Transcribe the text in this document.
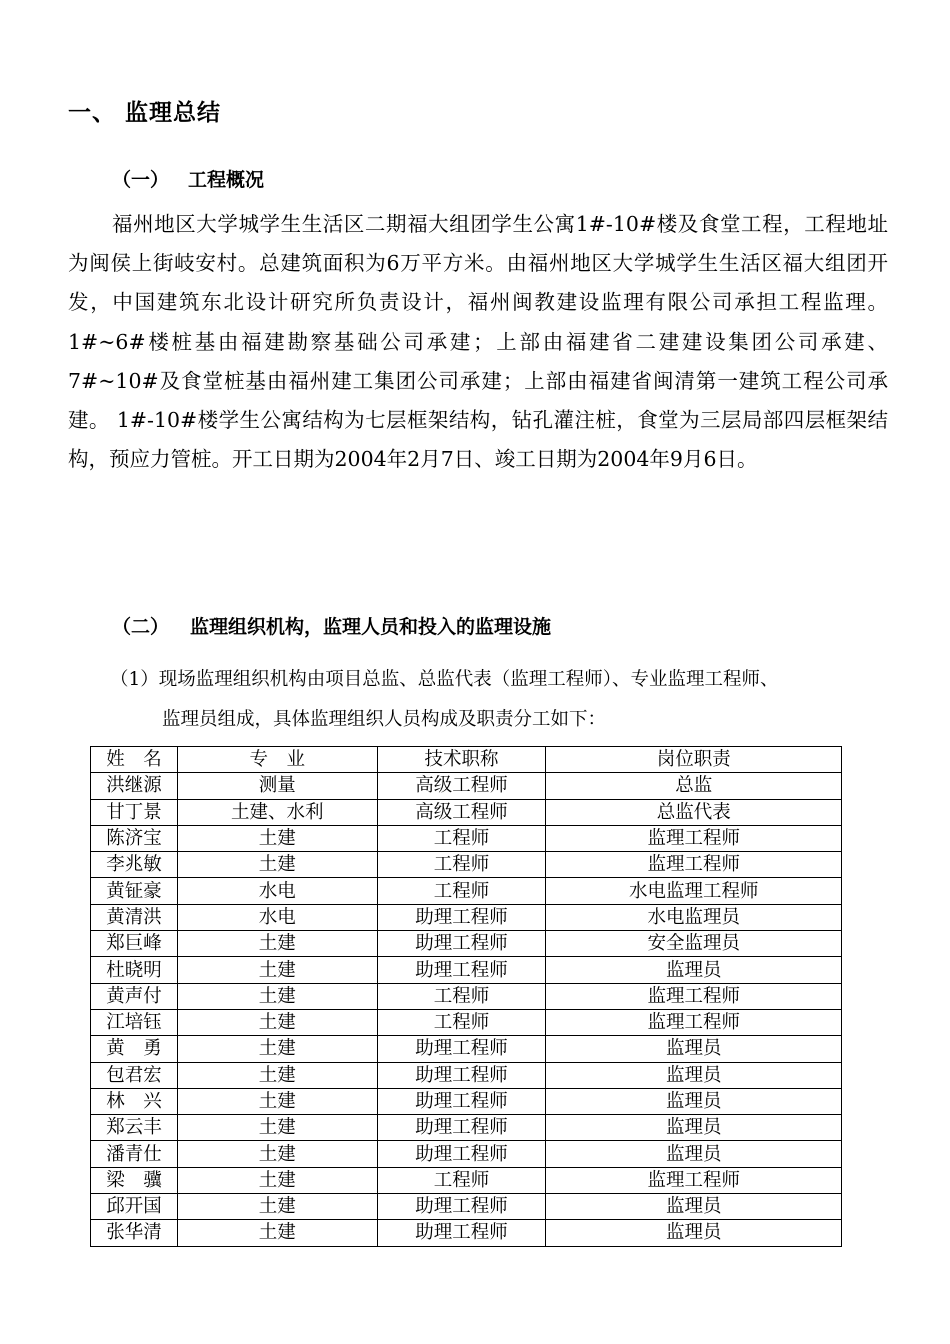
一、 监理总结
（一） 工程概况
福州地区大学城学生生活区二期福大组团学生公寓1#-10#楼及食堂工程，工程地址为闽侯上街岐安村。总建筑面积为6万平方米。由福州地区大学城学生生活区福大组团开发，中国建筑东北设计研究所负责设计，福州闽教建设监理有限公司承担工程监理。1#~6#楼桩基由福建勘察基础公司承建；上部由福建省二建建设集团公司承建、7#~10#及食堂桩基由福州建工集团公司承建；上部由福建省闽清第一建筑工程公司承建。 1#-10#楼学生公寓结构为七层框架结构，钻孔灌注桩，食堂为三层局部四层框架结构，预应力管桩。开工日期为2004年2月7日、竣工日期为2004年9月6日。
（二） 监理组织机构，监理人员和投入的监理设施
（1）现场监理组织机构由项目总监、总监代表（监理工程师）、专业监理工程师、
监理员组成，具体监理组织人员构成及职责分工如下：
姓　名	专　业	技术职称	岗位职责
洪继源	测量	高级工程师	总监
甘丁景	土建、水利	高级工程师	总监代表
陈济宝	土建	工程师	监理工程师
李兆敏	土建	工程师	监理工程师
黄钲豪	水电	工程师	水电监理工程师
黄清洪	水电	助理工程师	水电监理员
郑巨峰	土建	助理工程师	安全监理员
杜晓明	土建	助理工程师	监理员
黄声付	土建	工程师	监理工程师
江培钰	土建	工程师	监理工程师
黄　勇	土建	助理工程师	监理员
包君宏	土建	助理工程师	监理员
林　兴	土建	助理工程师	监理员
郑云丰	土建	助理工程师	监理员
潘青仕	土建	助理工程师	监理员
梁　骥	土建	工程师	监理工程师
邱开国	土建	助理工程师	监理员
张华清	土建	助理工程师	监理员
